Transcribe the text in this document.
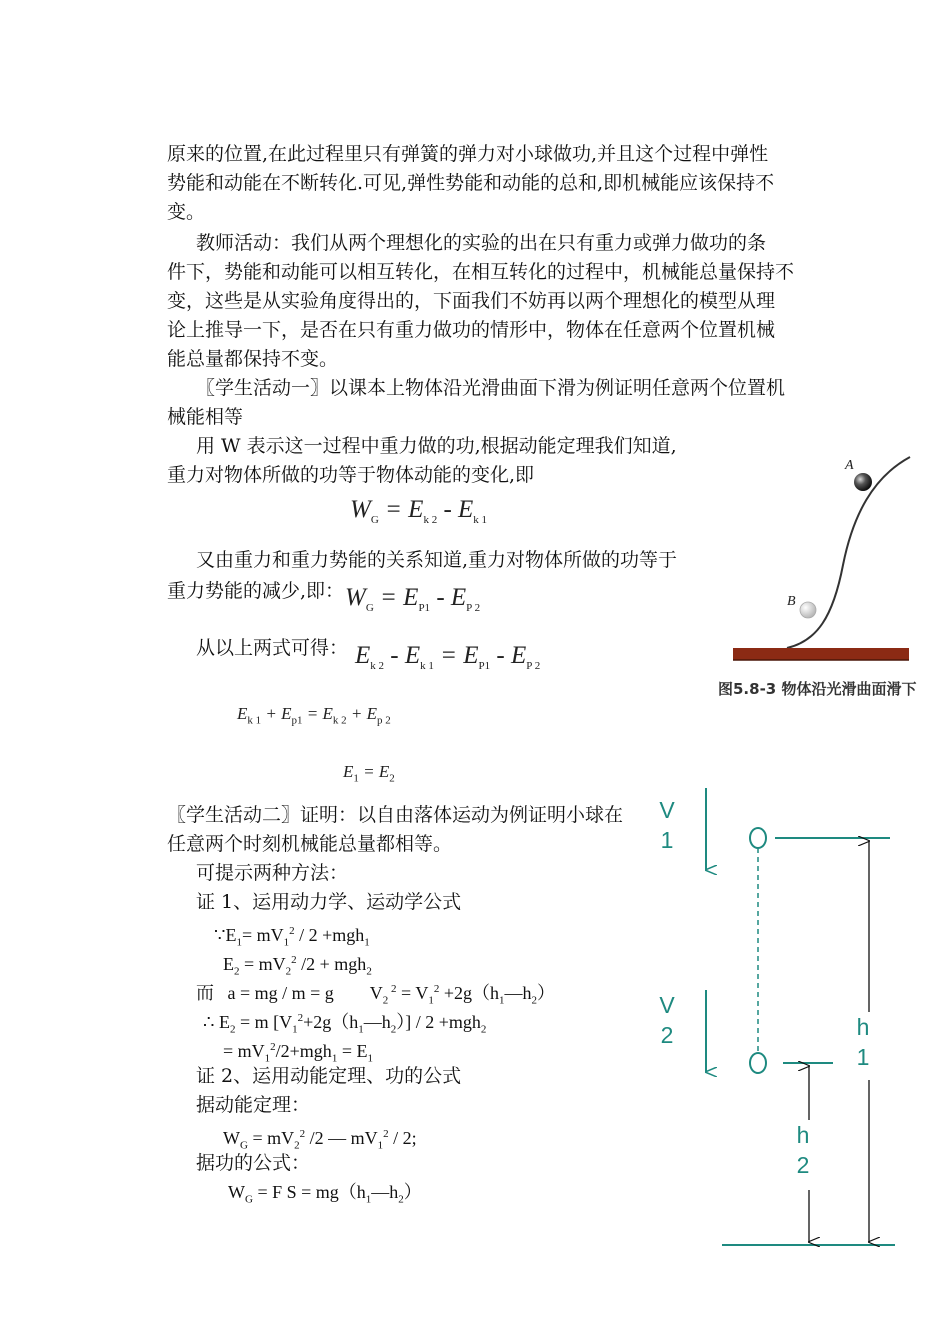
原来的位置,在此过程里只有弹簧的弹力对小球做功,并且这个过程中弹性
势能和动能在不断转化.可见,弹性势能和动能的总和,即机械能应该保持不
变。
教师活动：我们从两个理想化的实验的出在只有重力或弹力做功的条
件下，势能和动能可以相互转化，在相互转化的过程中，机械能总量保持不
变，这些是从实验角度得出的，下面我们不妨再以两个理想化的模型从理
论上推导一下，是否在只有重力做功的情形中，物体在任意两个位置机械
能总量都保持不变。
〖学生活动一〗以课本上物体沿光滑曲面下滑为例证明任意两个位置机
械能相等
用 W 表示这一过程中重力做的功,根据动能定理我们知道,
重力对物体所做的功等于物体动能的变化,即
$W_G = E_{k 2} - E_{k 1}$
又由重力和重力势能的关系知道,重力对物体所做的功等于
重力势能的减少,即： $W_G = E_{P1} - E_{P 2}$
从以上两式可得： $E_{k 2} - E_{k 1} = E_{P1} - E_{P 2}$
$E_{k 1} + E_{p1} = E_{k 2} + E_{p 2}$
$E_1 = E_2$
〖学生活动二〗证明：以自由落体运动为例证明小球在
任意两个时刻机械能总量都相等。
可提示两种方法：
证 1、运用动力学、运动学公式
$\because E_1= mV_1^2 / 2 +mgh_1$
$E_2 = mV_2^2$ /2 + mgh$_2$
而 a = mg / m = g $V_2$ $^2 = V_1^2$ $+2g(h_1—h_2)$
∴ $E_2 = m$ $[V_1^2+2g(h_1—h_2)] / 2 +mgh_2$
= $mV_1^2/2+mgh_1 = E_1$
证 2、运用动能定理、功的公式
据动能定理：
$W_G = mV_2^2$ /2 — $mV_1^2 / 2$;
据功的公式：
$W_G = F$ $S = mg(h_1—h_2)$
A
B
图5.8-3 物体沿光滑曲面滑下
V
1
V
2	h
1
h
2
